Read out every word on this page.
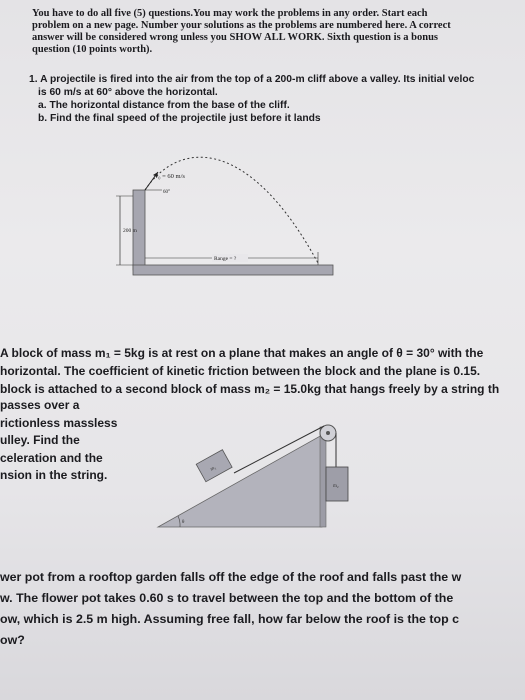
You have to do all five (5) questions.You may work the problems in any order. Start each
problem on a new page. Number your solutions as the problems are numbered here. A correct
answer will be considered wrong unless you SHOW ALL WORK. Sixth question is a bonus
question (10 points worth).
1. A projectile is fired into the air from the top of a 200-m cliff above a valley. Its initial veloc
is 60 m/s at 60° above the horizontal.
a. The horizontal distance from the base of the cliff.
b. Find the final speed of the projectile just before it lands
v₀ = 60 m/s
60°
200 m
Range = ?
A block of mass m₁ = 5kg is at rest on a plane that makes an angle of θ = 30° with the
horizontal. The coefficient of kinetic friction between the block and the plane is 0.15.
block is attached to a second block of mass m₂ = 15.0kg that hangs freely by a string th
passes over a
rictionless massless
ulley. Find the
celeration and the
nsion in the string.	m₁
m₂
θ
wer pot from a rooftop garden falls off the edge of the roof and falls past the w
w. The flower pot takes 0.60 s to travel between the top and the bottom of the
ow, which is 2.5 m high. Assuming free fall, how far below the roof is the top c
ow?
